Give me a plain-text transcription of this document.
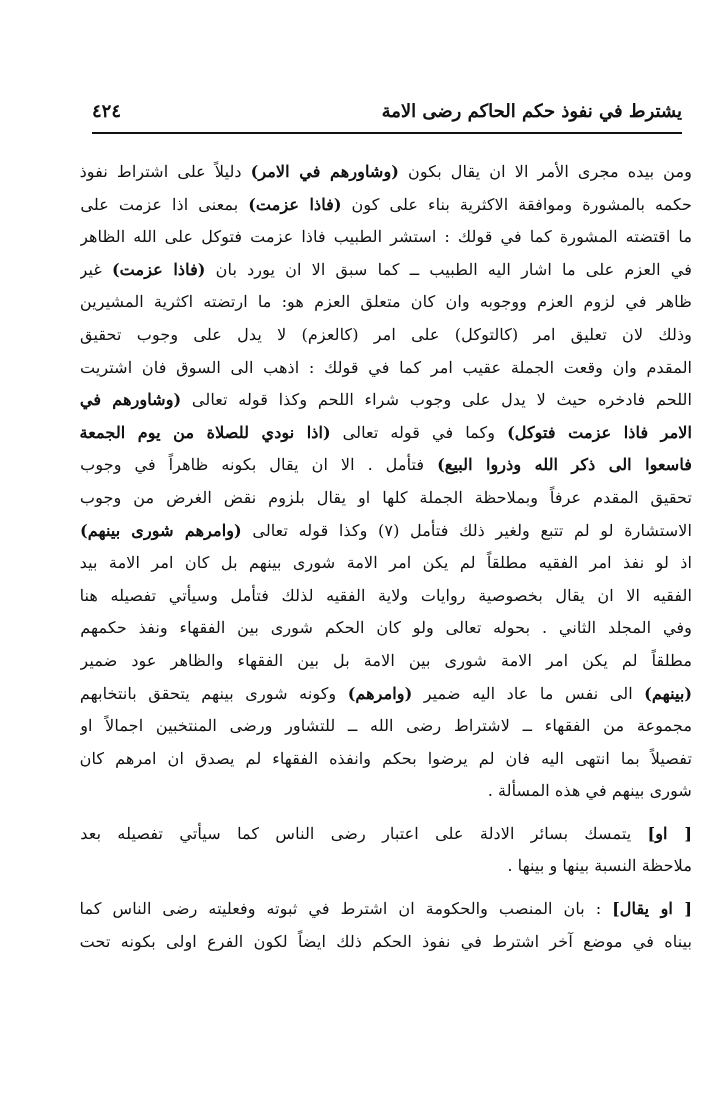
يشترط في نفوذ حكم الحاكم رضى الامة
٤٢٤
ومن بيده مجرى الأمر الا ان يقال بكون (وشاورهم في الامر) دليلاً على اشتراط نفوذ
حكمه بالمشورة وموافقة الاكثرية بناء على كون (فاذا عزمت) بمعنى اذا عزمت على
ما اقتضته المشورة كما في قولك : استشر الطبيب فاذا عزمت فتوكل على الله الظاهر
في العزم على ما اشار اليه الطبيب ــ كما سبق الا ان يورد بان (فاذا عزمت) غير
ظاهر في لزوم العزم ووجوبه وان كان متعلق العزم هو: ما ارتضته اكثرية المشيرين
وذلك لان تعليق امر (كالتوكل) على امر (كالعزم) لا يدل على وجوب تحقيق
المقدم وان وقعت الجملة عقيب امر كما في قولك : اذهب الى السوق فان اشتريت
اللحم فادخره حيث لا يدل على وجوب شراء اللحم وكذا قوله تعالى (وشاورهم في
الامر فاذا عزمت فتوكل) وكما في قوله تعالى (اذا نودي للصلاة من يوم الجمعة
فاسعوا الى ذكر الله وذروا البيع) فتأمل . الا ان يقال بكونه ظاهراً في وجوب
تحقيق المقدم عرفاً وبملاحظة الجملة كلها او يقال بلزوم نقض الغرض من وجوب
الاستشارة لو لم تتبع ولغير ذلك فتأمل (٧) وكذا قوله تعالى (وامرهم شورى بينهم)
اذ لو نفذ امر الفقيه مطلقاً لم يكن امر الامة شورى بينهم بل كان امر الامة بيد
الفقيه الا ان يقال بخصوصية روايات ولاية الفقيه لذلك فتأمل وسيأتي تفصيله هنا
وفي المجلد الثاني . بحوله تعالى ولو كان الحكم شورى بين الفقهاء ونفذ حكمهم
مطلقاً لم يكن امر الامة شورى بين الامة بل بين الفقهاء والظاهر عود ضمير
(بينهم) الى نفس ما عاد اليه ضمير (وامرهم) وكونه شورى بينهم يتحقق بانتخابهم
مجموعة من الفقهاء ــ لاشتراط رضى الله ــ للتشاور ورضى المنتخبين اجمالاً او
تفصيلاً بما انتهى اليه فان لم يرضوا بحكم وانفذه الفقهاء لم يصدق ان امرهم كان
شورى بينهم في هذه المسألة .
[ او] يتمسك بسائر الادلة على اعتبار رضى الناس كما سيأتي تفصيله بعد
ملاحظة النسبة بينها و بينها .
[ او يقال] : بان المنصب والحكومة ان اشترط في ثبوته وفعليته رضى الناس كما
بيناه في موضع آخر اشترط في نفوذ الحكم ذلك ايضاً لكون الفرع اولى بكونه تحت
